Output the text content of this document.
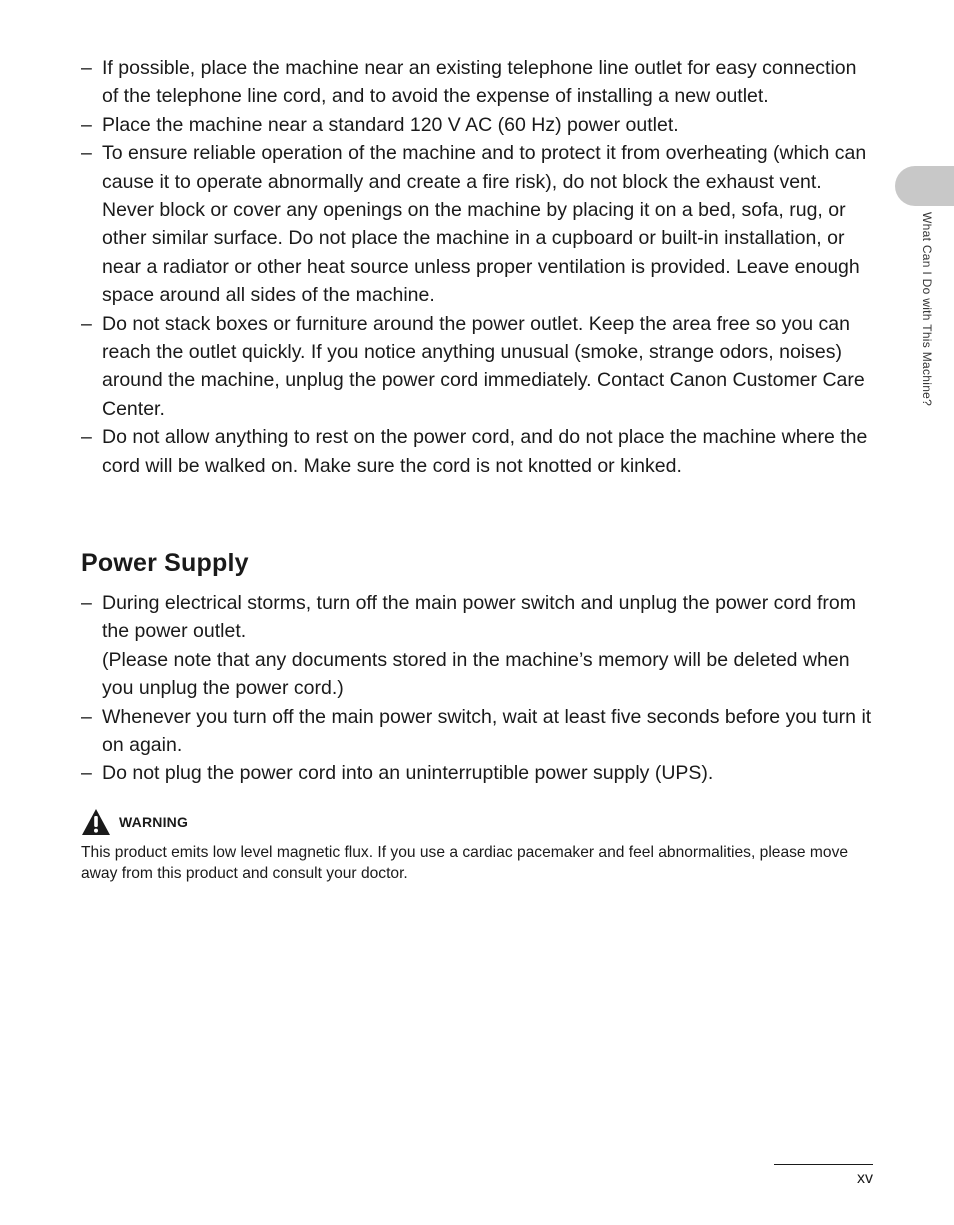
What Can I Do with This Machine?
– If possible, place the machine near an existing telephone line outlet for easy connection of the telephone line cord, and to avoid the expense of installing a new outlet.
– Place the machine near a standard 120 V AC (60 Hz) power outlet.
– To ensure reliable operation of the machine and to protect it from overheating (which can cause it to operate abnormally and create a fire risk), do not block the exhaust vent. Never block or cover any openings on the machine by placing it on a bed, sofa, rug, or other similar surface. Do not place the machine in a cupboard or built-in installation, or near a radiator or other heat source unless proper ventilation is provided. Leave enough space around all sides of the machine.
– Do not stack boxes or furniture around the power outlet. Keep the area free so you can reach the outlet quickly. If you notice anything unusual (smoke, strange odors, noises) around the machine, unplug the power cord immediately. Contact Canon Customer Care Center.
– Do not allow anything to rest on the power cord, and do not place the machine where the cord will be walked on. Make sure the cord is not knotted or kinked.
Power Supply
– During electrical storms, turn off the main power switch and unplug the power cord from the power outlet.
(Please note that any documents stored in the machine’s memory will be deleted when you unplug the power cord.)
– Whenever you turn off the main power switch, wait at least five seconds before you turn it on again.
– Do not plug the power cord into an uninterruptible power supply (UPS).
WARNING

This product emits low level magnetic flux. If you use a cardiac pacemaker and feel abnormalities, please move away from this product and consult your doctor.

xv
